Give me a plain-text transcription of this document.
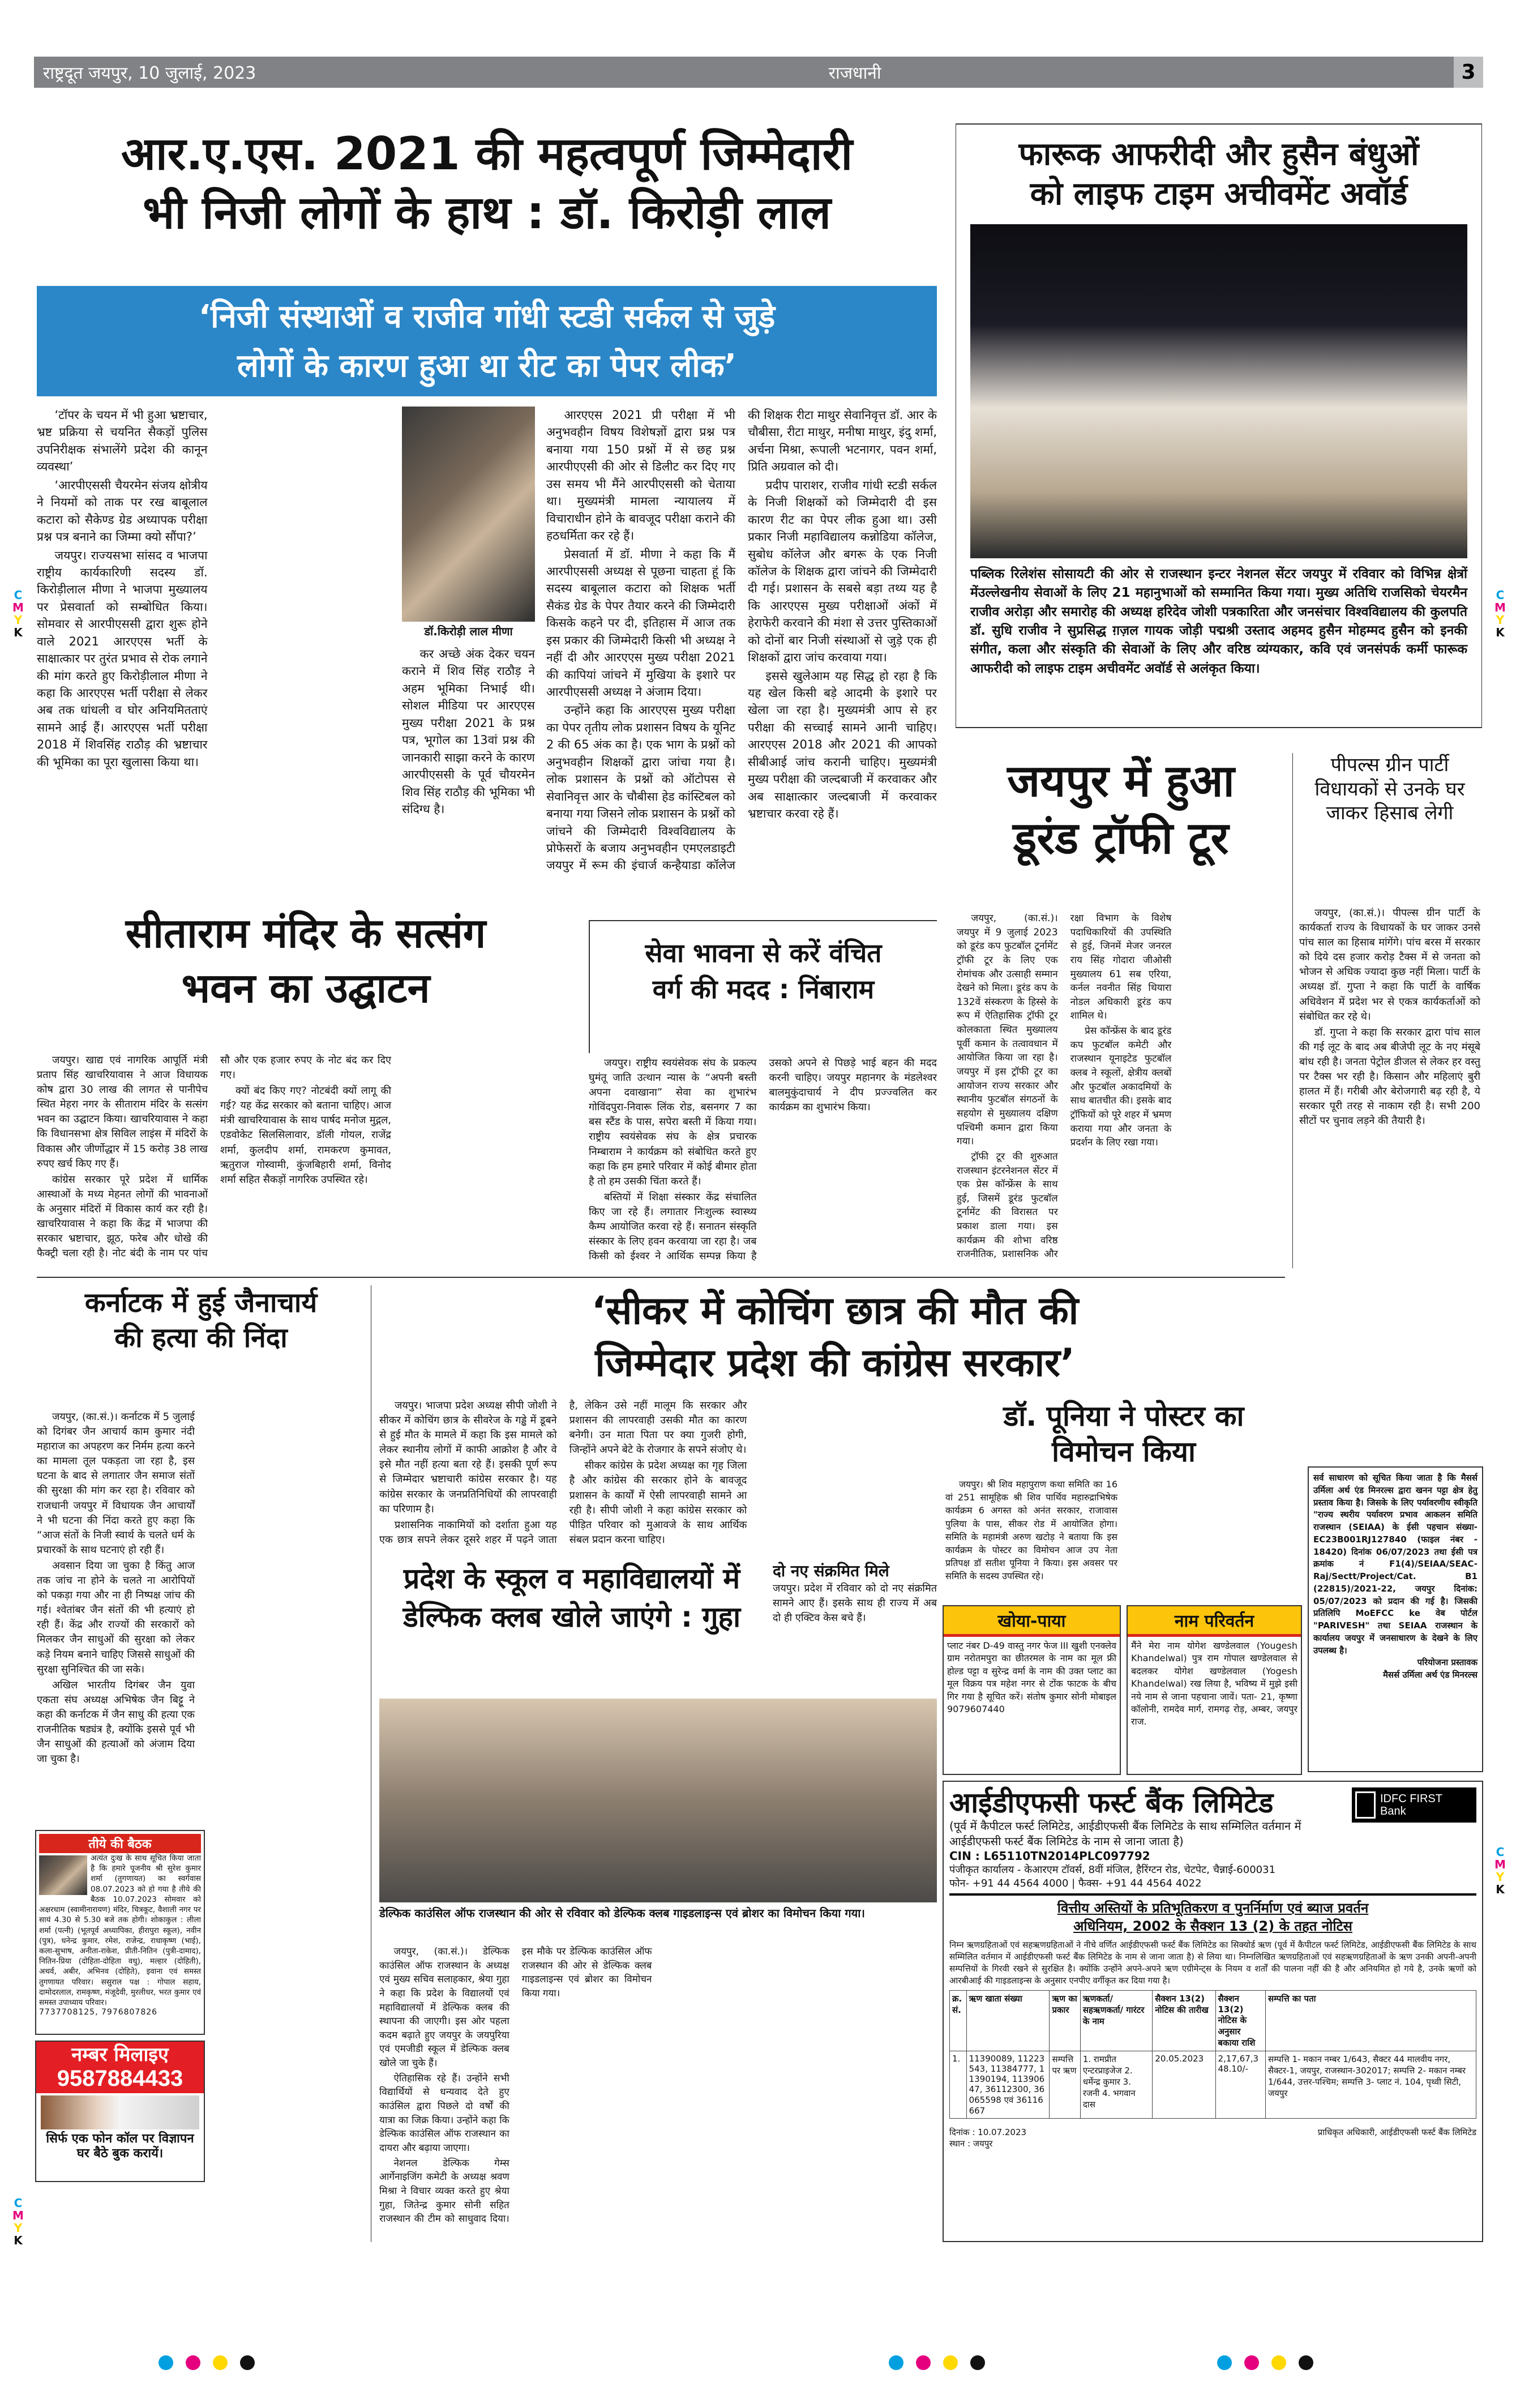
राष्ट्रदूत जयपुर, 10 जुलाई, 2023	राजधानी	3
आर.ए.एस. 2021 की महत्वपूर्ण जिम्मेदारी
भी निजी लोगों के हाथ : डॉ. किरोड़ी लाल
‘निजी संस्थाओं व राजीव गांधी स्टडी सर्कल से जुड़े
लोगों के कारण हुआ था रीट का पेपर लीक’

‘टॉपर के चयन में भी हुआ भ्रष्टाचार, भ्रष्ट प्रक्रिया से चयनित सैकड़ों पुलिस उपनिरीक्षक संभालेंगे प्रदेश की कानून व्यवस्था’

‘आरपीएससी चैयरमेन संजय क्षोत्रीय ने नियमों को ताक पर रख बाबूलाल कटारा को सैकेण्ड ग्रेड अध्यापक परीक्षा प्रश्न पत्र बनाने का जिम्मा क्यो सौंपा?’

जयपुर। राज्यसभा सांसद व भाजपा राष्ट्रीय कार्यकारिणी सदस्य डॉ. किरोड़ीलाल मीणा ने भाजपा मुख्यालय पर प्रेसवार्ता को सम्बोधित किया। सोमवार से आरपीएससी द्वारा शुरू होने वाले 2021 आरएएस भर्ती के साक्षात्कार पर तुरंत प्रभाव से रोक लगाने की मांग करते हुए किरोड़ीलाल मीणा ने कहा कि आरएएस भर्ती परीक्षा से लेकर अब तक धांधली व घोर अनियमितताएं सामने आई हैं। आरएएस भर्ती परीक्षा 2018 में शिवसिंह राठौड़ की भ्रष्टाचार की भूमिका का पूरा खुलासा किया था।

डॉ.किरोड़ी लाल मीणा

कर अच्छे अंक देकर चयन कराने में शिव सिंह राठौड़ ने अहम भूमिका निभाई थी। सोशल मीडिया पर आरएएस मुख्य परीक्षा 2021 के प्रश्न पत्र, भूगोल का 13वां प्रश्न की जानकारी साझा करने के कारण आरपीएससी के पूर्व चौयरमेन शिव सिंह राठौड़ की भूमिका भी संदिग्ध है।

आरएएस 2021 प्री परीक्षा में भी अनुभवहीन विषय विशेषज्ञों द्वारा प्रश्न पत्र बनाया गया 150 प्रश्नों में से छह प्रश्न आरपीएएसी की ओर से डिलीट कर दिए गए उस समय भी मैंने आरपीएससी को चेताया था। मुख्यमंत्री मामला न्यायालय में विचाराधीन होने के बावजूद परीक्षा कराने की हठधर्मिता कर रहे हैं।

प्रेसवार्ता में डॉ. मीणा ने कहा कि मैं आरपीएससी अध्यक्ष से पूछना चाहता हूं कि सदस्य बाबूलाल कटारा को शिक्षक भर्ती सैकंड ग्रेड के पेपर तैयार करने की जिम्मेदारी किसके कहने पर दी, इतिहास में आज तक इस प्रकार की जिम्मेदारी किसी भी अध्यक्ष ने नहीं दी और आरएएस मुख्य परीक्षा 2021 की कापियां जांचने में मुखिया के इशारे पर आरपीएससी अध्यक्ष ने अंजाम दिया।

उन्होंने कहा कि आरएएस मुख्य परीक्षा का पेपर तृतीय लोक प्रशासन विषय के यूनिट 2 की 65 अंक का है। एक भाग के प्रश्नों को अनुभवहीन शिक्षकों द्वारा जांचा गया है। लोक प्रशासन के प्रश्नों को ऑटोपस से सेवानिवृत्त आर के चौबीसा हेड कांस्टिबल को बनाया गया जिसने लोक प्रशासन के प्रश्नों को जांचने की जिम्मेदारी विश्वविद्यालय के प्रोफेसरों के बजाय अनुभवहीन एमएलडाइटी जयपुर में रूम की इंचार्ज कन्हैयाडा कॉलेज की शिक्षक रीटा माथुर सेवानिवृत्त डॉ. आर के चौबीसा, रीटा माथुर, मनीषा माथुर, इंदु शर्मा, अर्चना मिश्रा, रूपाली भटनागर, पवन शर्मा, प्रिति अग्रवाल को दी।

प्रदीप पाराशर, राजीव गांधी स्टडी सर्कल के निजी शिक्षकों को जिम्मेदारी दी इस कारण रीट का पेपर लीक हुआ था। उसी प्रकार निजी महाविद्यालय कन्नोडिया कॉलेज, सुबोध कॉलेज और बगरू के एक निजी कॉलेज के शिक्षक द्वारा जांचने की जिम्मेदारी दी गई। प्रशासन के सबसे बड़ा तथ्य यह है कि आरएएस मुख्य परीक्षाओं अंकों में हेराफेरी करवाने की मंशा से उत्तर पुस्तिकाओं को दोनों बार निजी संस्थाओं से जुड़े एक ही शिक्षकों द्वारा जांच करवाया गया।

इससे खुलेआम यह सिद्ध हो रहा है कि यह खेल किसी बड़े आदमी के इशारे पर खेला जा रहा है। मुख्यमंत्री आप से हर परीक्षा की सच्चाई सामने आनी चाहिए। आरएएस 2018 और 2021 की आपको सीबीआई जांच करानी चाहिए। मुख्यमंत्री मुख्य परीक्षा की जल्दबाजी में करवाकर और अब साक्षात्कार जल्दबाजी में करवाकर भ्रष्टाचार करवा रहे हैं।

फारूक आफरीदी और हुसैन बंधुओं
को लाइफ टाइम अचीवमेंट अवॉर्ड
पब्लिक रिलेशंस सोसायटी की ओर से राजस्थान इन्टर नेशनल सेंटर जयपुर में रविवार को विभिन्न क्षेत्रों मेंउल्लेखनीय सेवाओं के लिए 21 महानुभाओं को सम्मानित किया गया। मुख्य अतिथि राजसिको चेयरमैन राजीव अरोड़ा और समारोह की अध्यक्ष हरिदेव जोशी पत्रकारिता और जनसंचार विश्वविद्यालय की कुलपति डॉ. सुधि राजीव ने सुप्रसिद्ध ग़ज़ल गायक जोड़ी पद्मश्री उस्ताद अहमद हुसैन मोहम्मद हुसैन को इनकी संगीत, कला और संस्कृति की सेवाओं के लिए और वरिष्ठ व्यंग्यकार, कवि एवं जनसंपर्क कर्मी फारूक आफरीदी को लाइफ टाइम अचीवमेंट अवॉर्ड से अलंकृत किया।
जयपुर में हुआ
डूरंड ट्रॉफी टूर

जयपुर, (का.सं.)। जयपुर में 9 जुलाई 2023 को डूरंड कप फुटबॉल टूर्नामेंट ट्रॉफी टूर के लिए एक रोमांचक और उत्साही सम्मान देखने को मिला। डूरंड कप के 132वें संस्करण के हिस्से के रूप में ऐतिहासिक ट्रॉफी टूर कोलकाता स्थित मुख्यालय पूर्वी कमान के तत्वावधान में आयोजित किया जा रहा है। जयपुर में इस ट्रॉफी टूर का आयोजन राज्य सरकार और स्थानीय फुटबॉल संगठनों के सहयोग से मुख्यालय दक्षिण पश्चिमी कमान द्वारा किया गया।

ट्रॉफी टूर की शुरुआत राजस्थान इंटरनेशनल सेंटर में एक प्रेस कॉन्फ्रेंस के साथ हुई, जिसमें डूरंड फुटबॉल टूर्नामेंट की विरासत पर प्रकाश डाला गया। इस कार्यक्रम की शोभा वरिष्ठ राजनीतिक, प्रशासनिक और रक्षा विभाग के विशेष पदाधिकारियों की उपस्थिति से हुई, जिनमें मेजर जनरल राय सिंह गोदारा जीओसी मुख्यालय 61 सब एरिया, कर्नल नवनीत सिंह थियारा नोडल अधिकारी डूरंड कप शामिल थे।

प्रेस कॉन्फ्रेंस के बाद डूरंड कप फुटबॉल कमेटी और राजस्थान यूनाइटेड फुटबॉल क्लब ने स्कूलों, क्षेत्रीय क्लबों और फुटबॉल अकादमियों के साथ बातचीत की। इसके बाद ट्रॉफियों को पूरे शहर में भ्रमण कराया गया और जनता के प्रदर्शन के लिए रखा गया।

पीपल्स ग्रीन पार्टी विधायकों से उनके घर जाकर हिसाब लेगी

जयपुर, (का.सं.)। पीपल्स ग्रीन पार्टी के कार्यकर्ता राज्य के विधायकों के घर जाकर उनसे पांच साल का हिसाब मांगेंगे। पांच बरस में सरकार को दिये दस हजार करोड़ टैक्स में से जनता को भोजन से अधिक ज्यादा कुछ नहीं मिला। पार्टी के अध्यक्ष डॉ. गुप्ता ने कहा कि पार्टी के वार्षिक अधिवेशन में प्रदेश भर से एकत्र कार्यकर्ताओं को संबोधित कर रहे थे।

डॉ. गुप्ता ने कहा कि सरकार द्वारा पांच साल की गई लूट के बाद अब बीजेपी लूट के नए मंसूबे बांध रही है। जनता पेट्रोल डीजल से लेकर हर वस्तु पर टैक्स भर रही है। किसान और महिलाएं बुरी हालत में हैं। गरीबी और बेरोजगारी बढ़ रही है, ये सरकार पूरी तरह से नाकाम रही है। सभी 200 सीटों पर चुनाव लड़ने की तैयारी है।

सीताराम मंदिर के सत्संग
भवन का उद्घाटन

जयपुर। खाद्य एवं नागरिक आपूर्ति मंत्री प्रताप सिंह खाचरियावास ने आज विधायक कोष द्वारा 30 लाख की लागत से पानीपेच स्थित मेहरा नगर के सीताराम मंदिर के सत्संग भवन का उद्घाटन किया। खाचरियावास ने कहा कि विधानसभा क्षेत्र सिविल लाइंस में मंदिरों के विकास और जीर्णोद्धार में 15 करोड़ 38 लाख रुपए खर्च किए गए हैं।

कांग्रेस सरकार पूरे प्रदेश में धार्मिक आस्थाओं के मध्य मेहनत लोगों की भावनाओं के अनुसार मंदिरों में विकास कार्य कर रही है। खाचरियावास ने कहा कि केंद्र में भाजपा की सरकार भ्रष्टाचार, झूठ, फरेब और धोखे की फैक्ट्री चला रही है। नोट बंदी के नाम पर पांच सौ और एक हजार रुपए के नोट बंद कर दिए गए।

क्यों बंद किए गए? नोटबंदी क्यों लागू की गई? यह केंद्र सरकार को बताना चाहिए। आज मंत्री खाचरियावास के साथ पार्षद मनोज मुद्गल, एडवोकेट सिलसिलावार, डॉली गोयल, राजेंद्र शर्मा, कुलदीप शर्मा, रामकरण कुमावत, ऋतुराज गोस्वामी, कुंजबिहारी शर्मा, विनोद शर्मा सहित सैकड़ों नागरिक उपस्थित रहे।

सेवा भावना से करें वंचित
वर्ग की मदद : निंबाराम

जयपुर। राष्ट्रीय स्वयंसेवक संघ के प्रकल्प घुमंतू जाति उत्थान न्यास के “अपनी बस्ती अपना दवाखाना” सेवा का शुभारंभ गोविंदपुरा-निवारू लिंक रोड, बसनगर 7 का बस स्टैंड के पास, सपेरा बस्ती में किया गया। राष्ट्रीय स्वयंसेवक संघ के क्षेत्र प्रचारक निम्बाराम ने कार्यक्रम को संबोधित करते हुए कहा कि हम हमारे परिवार में कोई बीमार होता है तो हम उसकी चिंता करते हैं।

बस्तियों में शिक्षा संस्कार केंद्र संचालित किए जा रहे हैं। लगातार निःशुल्क स्वास्थ्य कैम्प आयोजित करवा रहे हैं। सनातन संस्कृति संस्कार के लिए हवन करवाया जा रहा है। जब किसी को ईश्वर ने आर्थिक सम्पन्न किया है उसको अपने से पिछड़े भाई बहन की मदद करनी चाहिए। जयपुर महानगर के मंडलेश्वर बालमुकुंदाचार्य ने दीप प्रज्ज्वलित कर कार्यक्रम का शुभारंभ किया।

कर्नाटक में हुई जैनाचार्य
की हत्या की निंदा

जयपुर, (का.सं.)। कर्नाटक में 5 जुलाई को दिगंबर जैन आचार्य काम कुमार नंदी महाराज का अपहरण कर निर्मम हत्या करने का मामला तूल पकड़ता जा रहा है, इस घटना के बाद से लगातार जैन समाज संतों की सुरक्षा की मांग कर रहा है। रविवार को राजधानी जयपुर में विधायक जैन आचार्यों ने भी घटना की निंदा करते हुए कहा कि “आज संतों के निजी स्वार्थ के चलते धर्म के प्रचारकों के साथ घटनाएं हो रही हैं।

अवसान दिया जा चुका है किंतु आज तक जांच ना होने के चलते ना आरोपियों को पकड़ा गया और ना ही निष्पक्ष जांच की गई। श्वेतांबर जैन संतों की भी हत्याएं हो रही हैं। केंद्र और राज्यों की सरकारों को मिलकर जैन साधुओं की सुरक्षा को लेकर कड़े नियम बनाने चाहिए जिससे साधुओं की सुरक्षा सुनिश्चित की जा सके।

अखिल भारतीय दिगंबर जैन युवा एकता संघ अध्यक्ष अभिषेक जैन बिट्टू ने कहा की कर्नाटक में जैन साधु की हत्या एक राजनीतिक षड्यंत्र है, क्योंकि इससे पूर्व भी जैन साधुओं की हत्याओं को अंजाम दिया जा चुका है।

‘सीकर में कोचिंग छात्र की मौत की
जिम्मेदार प्रदेश की कांग्रेस सरकार’

जयपुर। भाजपा प्रदेश अध्यक्ष सीपी जोशी ने सीकर में कोचिंग छात्र के सीवरेज के गड्ढे में डूबने से हुई मौत के मामले में कहा कि इस मामले को लेकर स्थानीय लोगों में काफी आक्रोश है और वे इसे मौत नहीं हत्या बता रहे हैं। इसकी पूर्ण रूप से जिम्मेदार भ्रष्टाचारी कांग्रेस सरकार है। यह कांग्रेस सरकार के जनप्रतिनिधियों की लापरवाही का परिणाम है।

प्रशासनिक नाकामियों को दर्शाता हुआ यह एक छात्र सपने लेकर दूसरे शहर में पढ़ने जाता है, लेकिन उसे नहीं मालूम कि सरकार और प्रशासन की लापरवाही उसकी मौत का कारण बनेगी। उन माता पिता पर क्या गुजरी होगी, जिन्होंने अपने बेटे के रोजगार के सपने संजोए थे।

सीकर कांग्रेस के प्रदेश अध्यक्ष का गृह जिला है और कांग्रेस की सरकार होने के बावजूद प्रशासन के कार्यों में ऐसी लापरवाही सामने आ रही है। सीपी जोशी ने कहा कांग्रेस सरकार को पीड़ित परिवार को मुआवजे के साथ आर्थिक संबल प्रदान करना चाहिए।

डॉ. पूनिया ने पोस्टर का
विमोचन किया

जयपुर। श्री शिव महापुराण कथा समिति का 16 वां 251 सामूहिक श्री शिव पार्थिव महारुद्राभिषेक कार्यक्रम 6 अगस्त को अनंत सरकार, राजावास पुलिया के पास, सीकर रोड में आयोजित होगा। समिति के महामंत्री अरुण खटोड़ ने बताया कि इस कार्यक्रम के पोस्टर का विमोचन आज उप नेता प्रतिपक्ष डॉ सतीश पूनिया ने किया। इस अवसर पर समिति के सदस्य उपस्थित रहे।

सर्व साधारण को सूचित किया जाता है कि मैसर्स उर्मिला अर्थ एंड मिनरल्स द्वारा खनन पट्टा क्षेत्र हेतु प्रस्ताव किया है। जिसके के लिए पर्यावरणीय स्वीकृति "राज्य स्थरीय पर्यावरण प्रभाव आकलन समिति राजस्थान (SEIAA) के ईसी पहचान संख्या-EC23B001RJ127840 (फाइल नंबर - 18420) दिनांक 06/07/2023 तथा ईसी पत्र क्रमांक नं F1(4)/SEIAA/SEAC-Raj/Sectt/Project/Cat. B1 (22815)/2021-22, जयपुर दिनांक: 05/07/2023 को प्रदान की गई है। जिसकी प्रतिलिपि MoEFCC ke वेब पोर्टल "PARIVESH" तथा SEIAA राजस्थान के कार्यालय जयपुर में जनसाधारण के देखने के लिए उपलब्ध है।
परियोजना प्रस्तावक
मैसर्स उर्मिला अर्थ एंड मिनरल्स
प्रदेश के स्कूल व महाविद्यालयों में
डेल्फिक क्लब खोले जाएंगे : गुहा
दो नए संक्रमित मिले
जयपुर। प्रदेश में रविवार को दो नए संक्रमित सामने आए हैं। इसके साथ ही राज्य में अब दो ही एक्टिव केस बचे हैं।
डेल्फिक काउंसिल ऑफ राजस्थान की ओर से रविवार को डेल्फिक क्लब गाइडलाइन्स एवं ब्रोशर का विमोचन किया गया।

जयपुर, (का.सं.)। डेल्फिक काउंसिल ऑफ राजस्थान के अध्यक्ष एवं मुख्य सचिव सलाहकार, श्रेया गुहा ने कहा कि प्रदेश के विद्यालयों एवं महाविद्यालयों में डेल्फिक क्लब की स्थापना की जाएगी। इस ओर पहला कदम बढ़ाते हुए जयपुर के जयपुरिया एवं एमजीडी स्कूल में डेल्फिक क्लब खोले जा चुके हैं।

ऐतिहासिक रहे हैं। उन्होंने सभी विद्यार्थियों से धन्यवाद देते हुए काउंसिल द्वारा पिछले दो वर्षों की यात्रा का जिक्र किया। उन्होंने कहा कि डेल्फिक काउंसिल ऑफ राजस्थान का दायरा और बढ़ाया जाएगा।

नेशनल डेल्फिक गेम्स आर्गेनाइजिंग कमेटी के अध्यक्ष श्रवण मिश्रा ने विचार व्यक्त करते हुए श्रेया गुहा, जितेन्द्र कुमार सोनी सहित राजस्थान की टीम को साधुवाद दिया। इस मौके पर डेल्फिक काउंसिल ऑफ राजस्थान की ओर से डेल्फिक क्लब गाइडलाइन्स एवं ब्रोशर का विमोचन किया गया।

खोया-पाया
प्लाट नंबर D-49 वास्तु नगर फेज III खुशी एनक्लेव ग्राम नरोतमपुरा का छीतरमल के नाम का मूल फ्री होल्ड पट्टा व सुरेन्द्र वर्मा के नाम की उक्त प्लाट का मूल विक्रय पत्र महेश नगर से टोंक फाटक के बीच गिर गया है सूचित करें। संतोष कुमार सोनी मोबाइल 9079607440
नाम परिवर्तन
मैंने मेरा नाम योगेश खण्डेलवाल (Yougesh Khandelwal) पुत्र राम गोपाल खण्डेलवाल से बदलकर योगेश खण्डेलवाल (Yogesh Khandelwal) रख लिया है, भविष्य में मुझे इसी नये नाम से जाना पहचाना जावें। पता- 21, कृष्णा कॉलोनी, रामदेव मार्ग, रामगढ़ रोड़, अम्बर, जयपुर राज.
आईडीएफसी फर्स्ट बैंक लिमिटेड
(पूर्व में कैपीटल फर्स्ट लिमिटेड, आईडीएफसी बैंक लिमिटेड के साथ सम्मिलित वर्तमान में आईडीएफसी फर्स्ट बैंक लिमिटेड के नाम से जाना जाता है)
CIN : L65110TN2014PLC097792
पंजीकृत कार्यालय - केआरएम टॉवर्स, 8वीं मंजिल, हैरिंग्टन रोड, चेटपेट, चैन्नाई-600031
फोन- +91 44 4564 4000 | फैक्स- +91 44 4564 4022
IDFC FIRST
Bank
वित्तीय अस्तियों के प्रतिभूतिकरण व पुनर्निर्माण एवं ब्याज प्रवर्तन
अधिनियम, 2002 के सैक्शन 13 (2) के तहत नोटिस
निम्न ऋणग्रहिताओं एवं सहऋणग्रहिताओं ने नीचे वर्णित आईडीएफसी फर्स्ट बैंक लिमिटेड का सिक्योर्ड ऋण (पूर्व में कैपीटल फर्स्ट लिमिटेड, आईडीएफसी बैंक लिमिटेड के साथ सम्मिलित वर्तमान में आईडीएफसी फर्स्ट बैंक लिमिटेड के नाम से जाना जाता है) से लिया था। निम्नलिखित ऋणग्रहिताओं एवं सहऋणग्रहिताओं के ऋण उनकी अपनी-अपनी सम्पत्तियों के गिरवी रखने से सुरक्षित है। क्योंकि उन्होंने अपने-अपने ऋण एग्रीमेन्ट्स के नियम व शर्तों की पालना नहीं की है और अनियमित हो गये है, उनके ऋणों को आरबीआई की गाइडलाइन्स के अनुसार एनपीए वर्गीकृत कर दिया गया है।
क्र. सं.	ऋण खाता संख्या	ऋण का प्रकार	ऋणकर्ता/सहऋणकर्ता/ गारंटर के नाम	सैक्शन 13(2) नोटिस की तारीख	सैक्शन 13(2) नोटिस के अनुसार बकाया राशि	सम्पत्ति का पता
1.	11390089, 11223543, 11384777, 11390194, 11390647, 36112300, 36065598 एवं 36116667	सम्पत्ति पर ऋण	1. रामप्रीत एन्टरप्राइजेज 2. धर्मेन्द्र कुमार 3. रजनी 4. भगवान दास	20.05.2023	2,17,67,348.10/-	सम्पत्ति 1- मकान नम्बर 1/643, सैक्टर 44 मालवीय नगर, सैक्टर-1, जयपुर, राजस्थान-302017; सम्पत्ति 2- मकान नम्बर 1/644, उत्तर-पश्चिम; सम्पत्ति 3- प्लाट नं. 104, पृथ्वी सिटी, जयपुर
दिनांक : 10.07.2023
स्थान : जयपुर
प्राधिकृत अधिकारी, आईडीएफसी फर्स्ट बैंक लिमिटेड
तीये की बैठक
अत्यंत दुःख के साथ सूचित किया जाता है कि हमारे पूजनीय श्री सुरेश कुमार शर्मा (तुगणायत) का स्वर्गवास 08.07.2023 को हो गया है तीये की बैठक 10.07.2023 सोमवार को अक्षरधाम (स्वामीनारायण) मंदिर, चित्रकूट, वैशाली नगर पर सायं 4.30 से 5.30 बजे तक होगी। शोकाकुल : लीला शर्मा (पत्नी) (भूतपूर्व अध्यापिका, हीरापुरा स्कूल), नवीन (पुत्र), धनेन्द्र कुमार, रमेश, राजेन्द्र, राधाकृष्ण (भाई), कला-सुभाष, अनीता-राकेश, प्रीती-नितिन (पुत्री-दामाद), नितिन-प्रिया (दोहिता-दोहिता वधु), मल्हार (दोहिती), अथर्व, अबीर, अभिनव (दोहिते), इवाना एवं समस्त तुगणायत परिवार। ससुराल पक्ष : गोपाल सहाय, दामोदरलाल, रामकृष्ण, मंजूदेवी, मुरलीधर, भरत कुमार एवं समस्त उपाध्याय परिवार।
7737708125, 7976807826
नम्बर मिलाइए
9587884433
सिर्फ एक फोन कॉल पर विज्ञापन घर बैठे बुक करायें।
C
M
Y
K
C
M
Y
K
C
M
Y
K
C
M
Y
K
